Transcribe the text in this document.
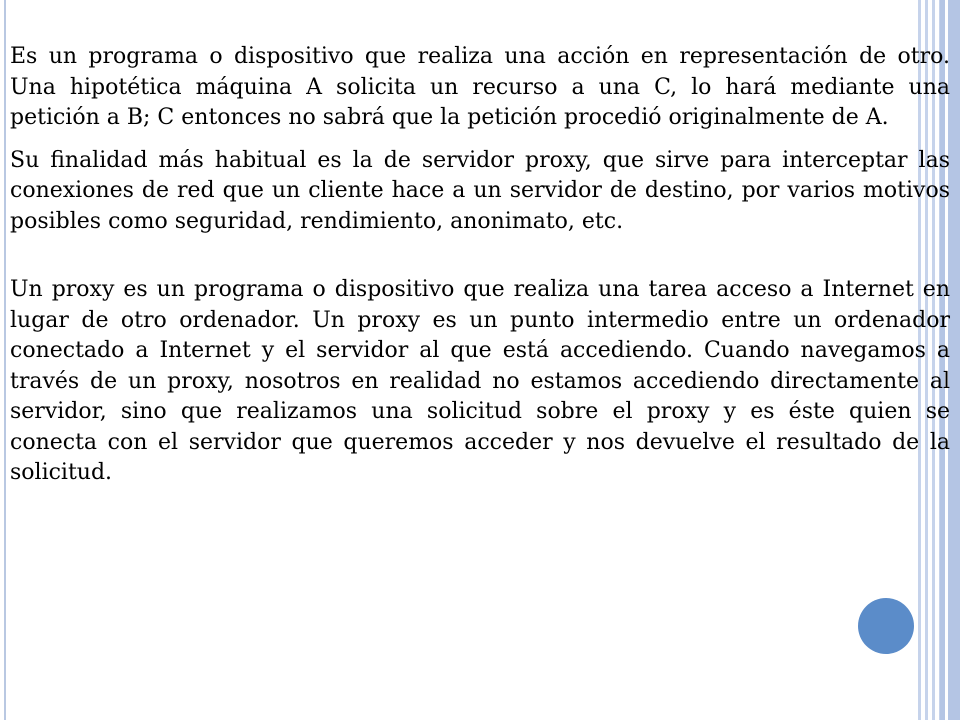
Es un programa o dispositivo que realiza una acción en representación de otro. Una hipotética máquina A solicita un recurso a una C, lo hará mediante una petición a B; C entonces no sabrá que la petición procedió originalmente de A.

Su finalidad más habitual es la de servidor proxy, que sirve para interceptar las conexiones de red que un cliente hace a un servidor de destino, por varios motivos posibles como seguridad, rendimiento, anonimato, etc.

Un proxy es un programa o dispositivo que realiza una tarea acceso a Internet en lugar de otro ordenador. Un proxy es un punto intermedio entre un ordenador conectado a Internet y el servidor al que está accediendo. Cuando navegamos a través de un proxy, nosotros en realidad no estamos accediendo directamente al servidor, sino que realizamos una solicitud sobre el proxy y es éste quien se conecta con el servidor que queremos acceder y nos devuelve el resultado de la solicitud.
